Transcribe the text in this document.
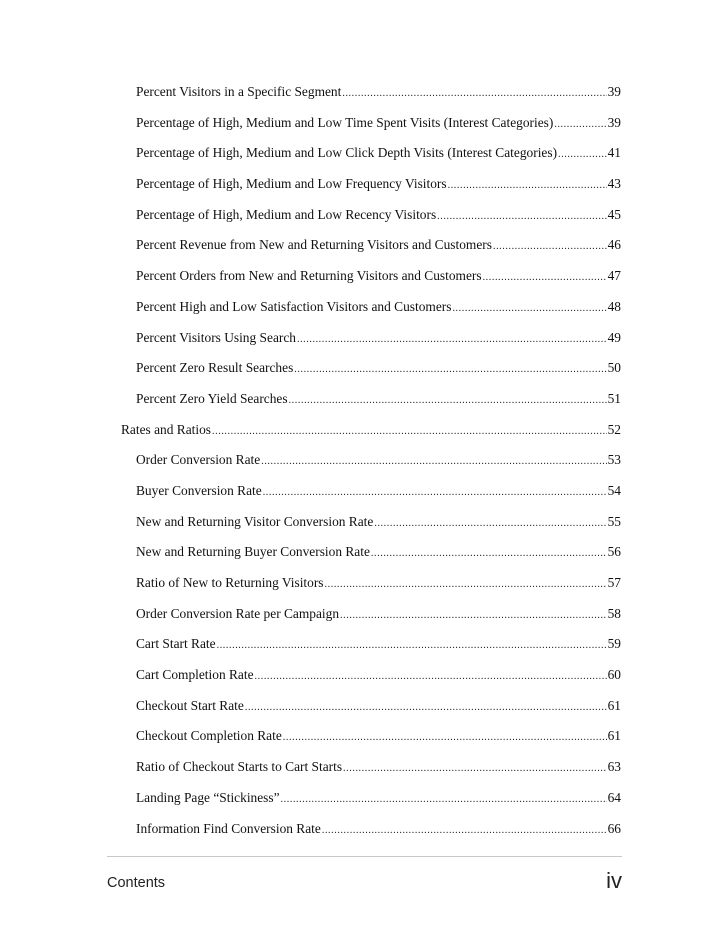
Percent Visitors in a Specific Segment .....	39
Percentage of High, Medium and Low Time Spent Visits (Interest Categories) .....	39
Percentage of High, Medium and Low Click Depth Visits (Interest Categories) .....	41
Percentage of High, Medium and Low Frequency Visitors .....	43
Percentage of High, Medium and Low Recency Visitors .....	45
Percent Revenue from New and Returning Visitors and Customers .....	46
Percent Orders from New and Returning Visitors and Customers .....	47
Percent High and Low Satisfaction Visitors and Customers .....	48
Percent Visitors Using Search .....	49
Percent Zero Result Searches .....	50
Percent Zero Yield Searches .....	51
Rates and Ratios .....	52
Order Conversion Rate .....	53
Buyer Conversion Rate .....	54
New and Returning Visitor Conversion Rate .....	55
New and Returning Buyer Conversion Rate .....	56
Ratio of New to Returning Visitors .....	57
Order Conversion Rate per Campaign .....	58
Cart Start Rate .....	59
Cart Completion Rate .....	60
Checkout Start Rate .....	61
Checkout Completion Rate .....	61
Ratio of Checkout Starts to Cart Starts .....	63
Landing Page “Stickiness” .....	64
Information Find Conversion Rate .....	66
Contents	iv
